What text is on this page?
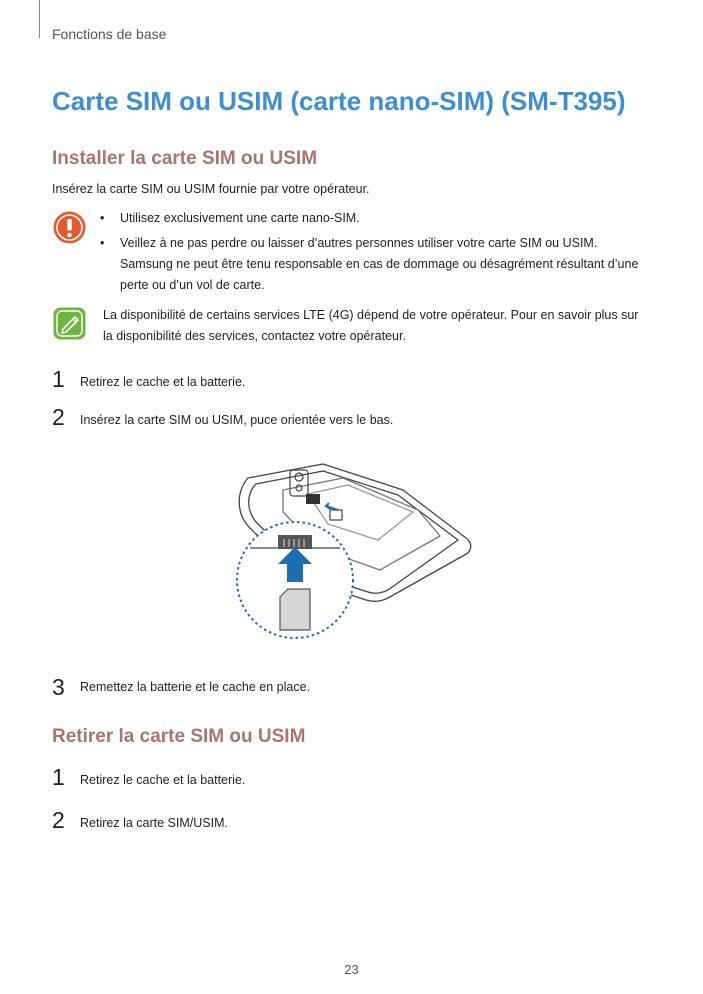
Fonctions de base
Carte SIM ou USIM (carte nano-SIM) (SM-T395)
Installer la carte SIM ou USIM
Insérez la carte SIM ou USIM fournie par votre opérateur.
•	Utilisez exclusivement une carte nano-SIM.
•	Veillez à ne pas perdre ou laisser d’autres personnes utiliser votre carte SIM ou USIM. Samsung ne peut être tenu responsable en cas de dommage ou désagrément résultant d’une perte ou d’un vol de carte.
La disponibilité de certains services LTE (4G) dépend de votre opérateur. Pour en savoir plus sur la disponibilité des services, contactez votre opérateur.
1 Retirez le cache et la batterie.
2 Insérez la carte SIM ou USIM, puce orientée vers le bas.
3 Remettez la batterie et le cache en place.
Retirer la carte SIM ou USIM
1 Retirez le cache et la batterie.
2 Retirez la carte SIM/USIM.
23
